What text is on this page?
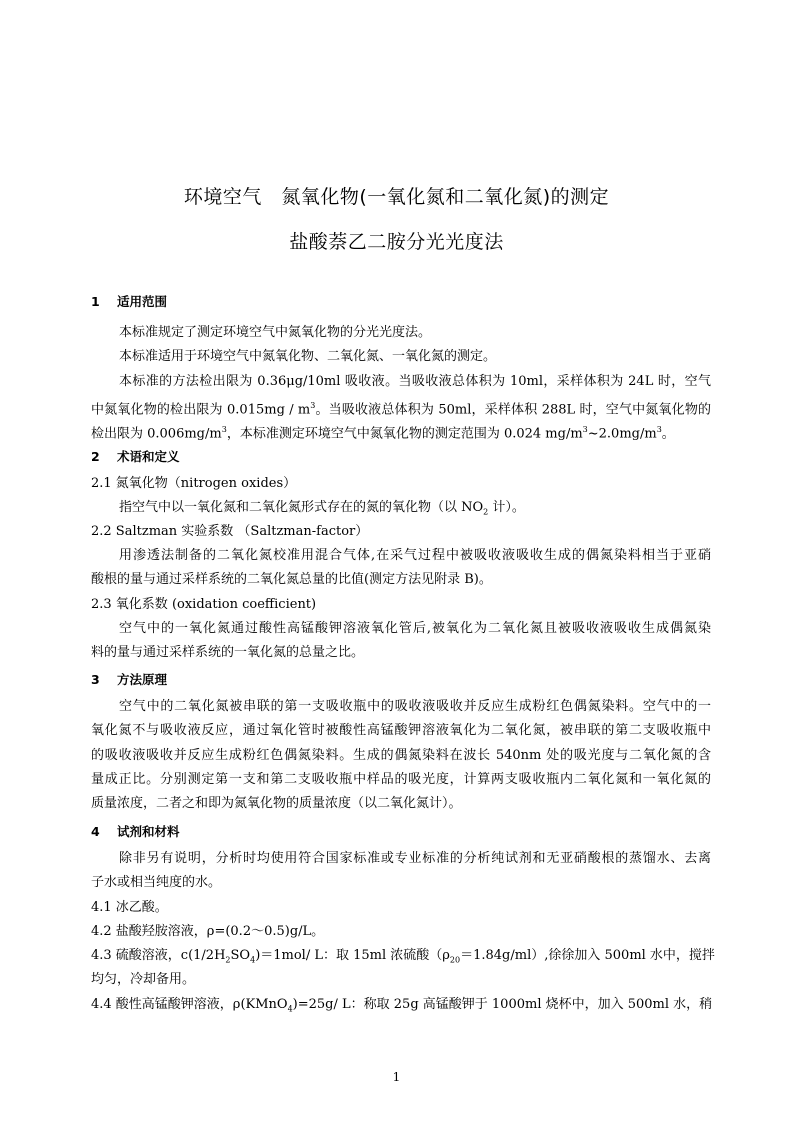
环境空气　氮氧化物(一氧化氮和二氧化氮)的测定
盐酸萘乙二胺分光光度法
1 适用范围
本标准规定了测定环境空气中氮氧化物的分光光度法。
本标准适用于环境空气中氮氧化物、二氧化氮、一氧化氮的测定。
本标准的方法检出限为 0.36μg/10ml 吸收液。当吸收液总体积为 10ml，采样体积为 24L 时，空气
中氮氧化物的检出限为 $0.015mg / m^3$。当吸收液总体积为 50ml，采样体积 288L 时，空气中氮氧化物的
检出限为 $0.006mg/m^3$，本标准测定环境空气中氮氧化物的测定范围为 0.024 $mg/m^3\sim 2.0mg/m^3$。
2 术语和定义
2.1 氮氧化物（nitrogen oxides）
指空气中以一氧化氮和二氧化氮形式存在的氮的氧化物（以 $NO_2$ 计）。
2.2 Saltzman 实验系数 （Saltzman-factor）
用渗透法制备的二氧化氮校准用混合气体,在采气过程中被吸收液吸收生成的偶氮染料相当于亚硝
酸根的量与通过采样系统的二氧化氮总量的比值(测定方法见附录 B)。
2.3 氧化系数 (oxidation coefficient)
空气中的一氧化氮通过酸性高锰酸钾溶液氧化管后,被氧化为二氧化氮且被吸收液吸收生成偶氮染
料的量与通过采样系统的一氧化氮的总量之比。
3 方法原理
空气中的二氧化氮被串联的第一支吸收瓶中的吸收液吸收并反应生成粉红色偶氮染料。空气中的一
氧化氮不与吸收液反应，通过氧化管时被酸性高锰酸钾溶液氧化为二氧化氮，被串联的第二支吸收瓶中
的吸收液吸收并反应生成粉红色偶氮染料。生成的偶氮染料在波长 540nm 处的吸光度与二氧化氮的含
量成正比。分别测定第一支和第二支吸收瓶中样品的吸光度，计算两支吸收瓶内二氧化氮和一氧化氮的
质量浓度，二者之和即为氮氧化物的质量浓度（以二氧化氮计）。
4 试剂和材料
除非另有说明，分析时均使用符合国家标准或专业标准的分析纯试剂和无亚硝酸根的蒸馏水、去离
子水或相当纯度的水。
4.1 冰乙酸。
4.2 盐酸羟胺溶液，ρ=(0.2～0.5)g/L。
4.3 硫酸溶液，$c(1/2H_2SO_4)=1mol/$ L：取 15ml 浓硫酸$(\rho_{20}=1.84g/ml)$,徐徐加入 500ml 水中，搅拌
均匀，冷却备用。
4.4 酸性高锰酸钾溶液，ρ(KMnO$_4$)=25g/ L：称取 25g 高锰酸钾于 1000ml 烧杯中，加入 500ml 水，稍
1
